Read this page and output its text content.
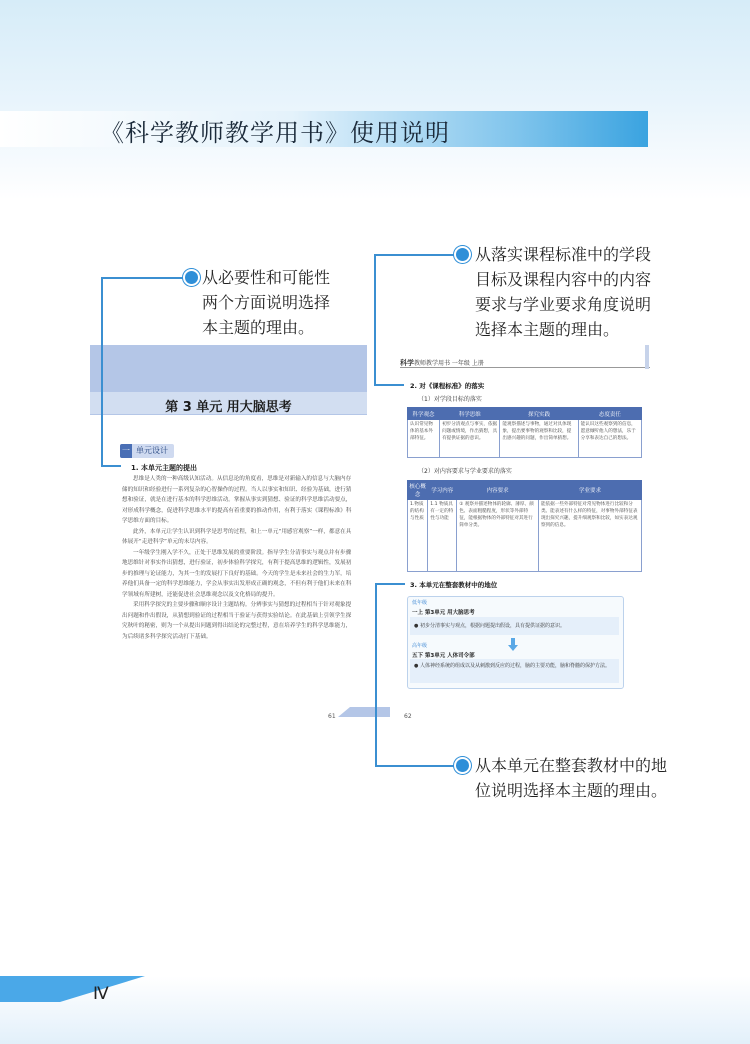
《科学教师教学用书》使用说明
第 3 单元 用大脑思考
一 单元设计
1. 本单元主题的提出

思维是人类的一种高级认知活动。从信息论的角度看，思维是对新输入的信息与大脑内存储的知识和经验进行一系列复杂的心智操作的过程。当人以事实和知识、经验为基础，进行猜想和验证，就是在进行基本的科学思维活动。掌握从事实到猜想、验证的科学思维活动要点，对形成科学概念，促进科学思维水平的提高有着重要的推动作用，有利于落实《课程标准》科学思维方面的目标。

此外，本单元让学生认识到科学是思考的过程，和上一单元“用感官观察”一样，都意在具体展开“走进科学”单元的未尽内容。

一年级学生刚入学不久，正处于思维发展的重要阶段。指导学生分清事实与观点并有步骤地思维针对事实作出猜想，进行验证，初步体验科学探究，有利于提高思维的逻辑性，发展初步的推理与论证能力，为其一生的发展打下良好的基础。今天的学生是未来社会的生力军，培养他们具备一定的科学思维能力，学会从事实出发形成正确的观念，不但有利于他们未来在科学领域有所建树，还能促进社会思维观念以及文化格局的提升。

采用科学探究的主要步骤和顺序设计主题结构。分辨事实与猜想的过程相当于针对观象提出问题和作出假设，从猜想到验证的过程相当于验证与获得实验结论。在此基础上引领学生探究秋叶的秘密，则为一个从提出问题到得出结论的完整过程，意在培养学生的科学思维能力，为后续诸多科学探究活动打下基础。

61	62
科学教师教学用书 一年级 上册
2. 对《课程标准》的落实
（1）对学段目标的落实
科学观念	科学思维	探究实践	态度责任
认识常见物体的基本外部特征。	初步分清观点与事实，依据问题或情境，作出猜想，具有提供证据的意识。	能观察描述与事物，通过对具体现象，提出要事物的观察和比较，提出感兴趣的问题，作出简单猜想。	能认识这些观察到的信息，愿意倾听他人的想法，乐于分享和表达自己的想法。
（2）对内容要求与学业要求的落实
核心概念	学习内容	内容要求	学业要求
1.物质的结构与性质	1.1 物质具有一定的特性与功能	① 观察并描述物体的轮廓、薄厚、颜色、表面粗糙程度，形状等外部特征，能根据物体的外部特征对其进行简单分类。	能依据一些外部特征对常见物体进行比较和分类。能表述有什么样的特征，对事物外部特征表现出探究兴趣，提升细观察和比较，如实表达观察到的信息。
3. 本单元在整套教材中的地位
低年级
一上 第3单元 用大脑思考
● 初步分清事实与观点，根据问题提出假设，具有提供证据的意识。
高年级
五下 第3单元 人体司令部
● 人体神经系统的组成以及从刺激到反应的过程，脑的主要功能，脑和脊髓的保护方法。
从落实课程标准中的学段
目标及课程内容中的内容
要求与学业要求角度说明
选择本主题的理由。
从必要性和可能性
两个方面说明选择
本主题的理由。
从本单元在整套教材中的地
位说明选择本主题的理由。
Ⅳ
